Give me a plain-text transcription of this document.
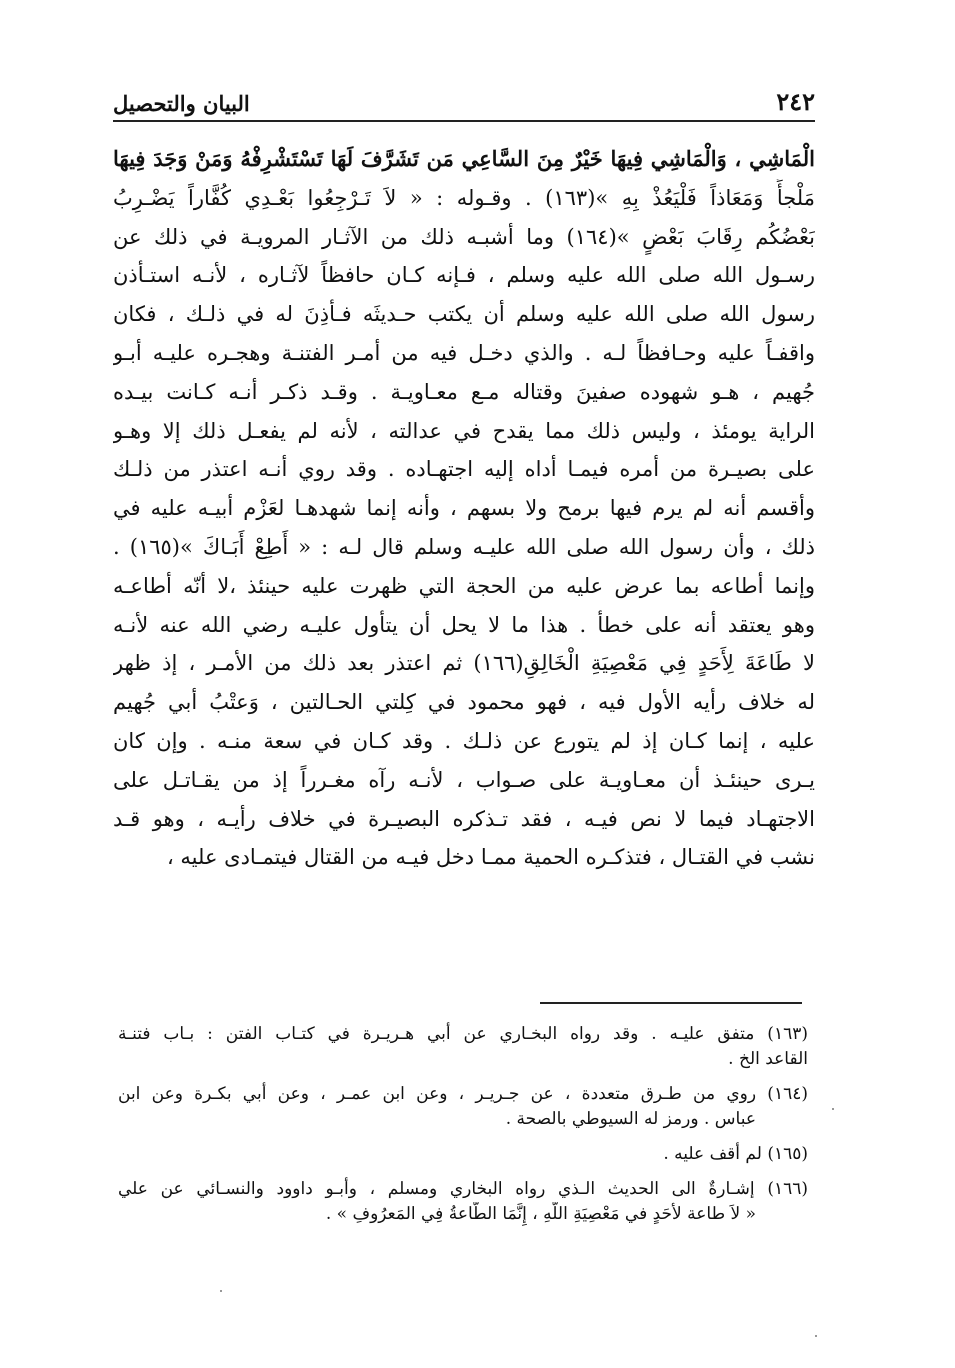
٢٤٢
البيان والتحصيل
الْمَاشِي ، وَالْمَاشِي فِيهَا خَيْرٌ مِنَ السَّاعِي مَن تَشَرَّفَ لَهَا تَسْتَشْرِفْهُ وَمَنْ وَجَدَ فِيهَا
مَلْجأً وَمَعَاذاً فَلْيَعُذْ بِهِ »(١٦٣) . وقـوله : « لاَ تَـرْجِعُوا بَعْـدِي كُفَّاراً يَضْـرِبُ
بَعْضُكُم رِقَابَ بَعْضٍ »(١٦٤) وما أشبـه ذلك من الآثـار المرويـة في ذلك عن
رسـول الله صلى الله عليه وسلم ، فـإنه كـان حافظاً لآثـاره ، لأنـه استـأذن
رسول الله صلى الله عليه وسلم أن يكتب حـديثَه فـأذِنَ له في ذلـك ، فكان
واقفـاً عليه وحـافظاً لـه . والذي دخـل فيه من أمـر الفتنـة وهجـره عليـه أبـو
جُهيم ، هـو شهوده صفينَ وقتاله مـع معـاويـة . وقـد ذكـر أنـه كـانت بيـده
الراية يومئذ ، وليس ذلك مما يقدح في عدالته ، لأنه لم يفعـل ذلك إلا وهـو
على بصيـرة من أمره فيمـا أداه إليه اجتهـاده . وقد روي أنـه اعتذر من ذلـك
وأقسم أنه لم يرم فيها برمح ولا بسهم ، وأنه إنما شهدهـا لعَزْم أبيـه عليه في
ذلك ، وأن رسول الله صلى الله عليـه وسلم قال لـه : « أَطِعْ أَبَـاكَ »(١٦٥) .
وإنما أطاعه بما عرض عليه من الحجة التي ظهرت عليه حينئذ ،لا أنّه أطاعـه
وهو يعتقد أنه على خطأ . هذا ما لا يحل أن يتأول عليـه رضي الله عنه لأنـه
لا طَاعَةَ لِأَحَدٍ فِي مَعْصِيَةِ الْخَالِقِ(١٦٦) ثم اعتذر بعد ذلك من الأمـر ، إذ ظهر
له خلاف رأيه الأول فيه ، فهو محمود في كِلتي الحـالتين ، وَعتْبُ أبي جُهيم
عليه ، إنما كـان إذ لم يتورع عن ذلـك . وقد كـان في سعة منـه . وإن كان
يـرى حينئـذ أن معـاويـة على صـواب ، لأنـه رآه مغـرراً إذ من يقـاتـل على
الاجتهـاد فيما لا نص فيـه ، فقد تـذكره البصيـرة في خلاف رأيـه ، وهو قـد
نشب في القتـال ، فتذكـره الحمية ممـا دخل فيـه من القتال فيتمـادى عليه ،
(١٦٣) متفق عليـه . وقد رواه البخـاري عن أبي هـريـرة في كتـاب الفتن : بـاب فتنـة
القاعد الخ .
(١٦٤) روي من طـرق متعددة ، عن جـريـر ، وعن ابن عمـر ، وعن أبي بكـرة وعن ابن
عباس . ورمز له السيوطي بالصحة .
(١٦٥) لم أقف عليه .
(١٦٦) إشـارةٌ الى الحديث الـذي رواه البخاري ومسلم ، وأبـو داوود والنسـائي عن علي
« لاَ طاعة لأحَدٍ في مَعْصِيَةِ اللَّهِ ، إِنَّمَا الطَّاعةُ فِي المَعرُوفِ » .
